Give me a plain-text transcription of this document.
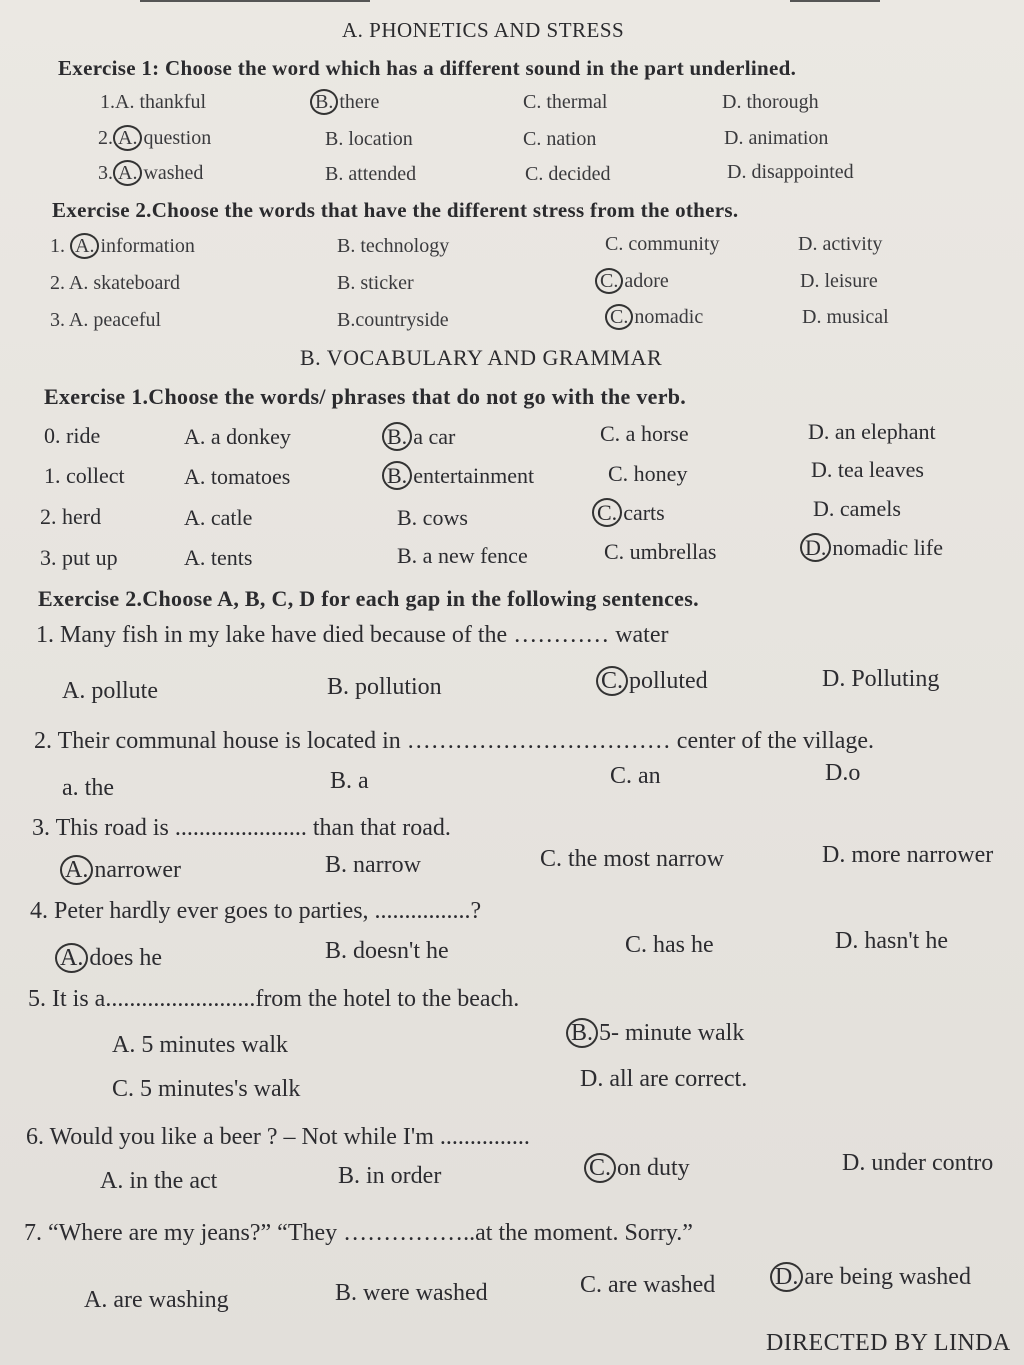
A. PHONETICS AND STRESS
Exercise 1: Choose the word which has a different sound in the part underlined.
1.A. thankful	B. there	C. thermal	D. thorough
2. A. question	B. location	C. nation	D. animation
3. A. washed	B. attended	C. decided	D. disappointed
Exercise 2.Choose the words that have the different stress from the others.
1. A. information	B. technology	C. community	D. activity
2. A. skateboard	B. sticker	C. adore	D. leisure
3. A. peaceful	B.countryside	C. nomadic	D. musical
B. VOCABULARY AND GRAMMAR
Exercise 1.Choose the words/ phrases that do not go with the verb.
0. ride	A. a donkey	B. a car	C. a horse	D. an elephant
1. collect	A. tomatoes	B. entertainment	C. honey	D. tea leaves
2. herd	A. catle	B. cows	C. carts	D. camels
3. put up	A. tents	B. a new fence	C. umbrellas	D. nomadic life
Exercise 2.Choose A, B, C, D for each gap in the following sentences.
1. Many fish in my lake have died because of the ………… water
A. pollute	B. pollution	C. polluted	D. Polluting
2. Their communal house is located in …………………………… center of the village.
a. the	B. a	C. an	D.o
3. This road is ...................... than that road.
A. narrower	B. narrow	C. the most narrow	D. more narrower
4. Peter hardly ever goes to parties, ................?
A. does he	B. doesn't he	C. has he	D. hasn't he
5. It is a.........................from the hotel to the beach.
A. 5 minutes walk	B. 5- minute walk
C. 5 minutes's walk	D. all are correct.
6. Would you like a beer ? – Not while I'm ...............
A. in the act	B. in order	C. on duty	D. under contro
7. “Where are my jeans?” “They ……………..at the moment. Sorry.”
A. are washing	B. were washed	C. are washed D. are being washed
DIRECTED BY LINDA
